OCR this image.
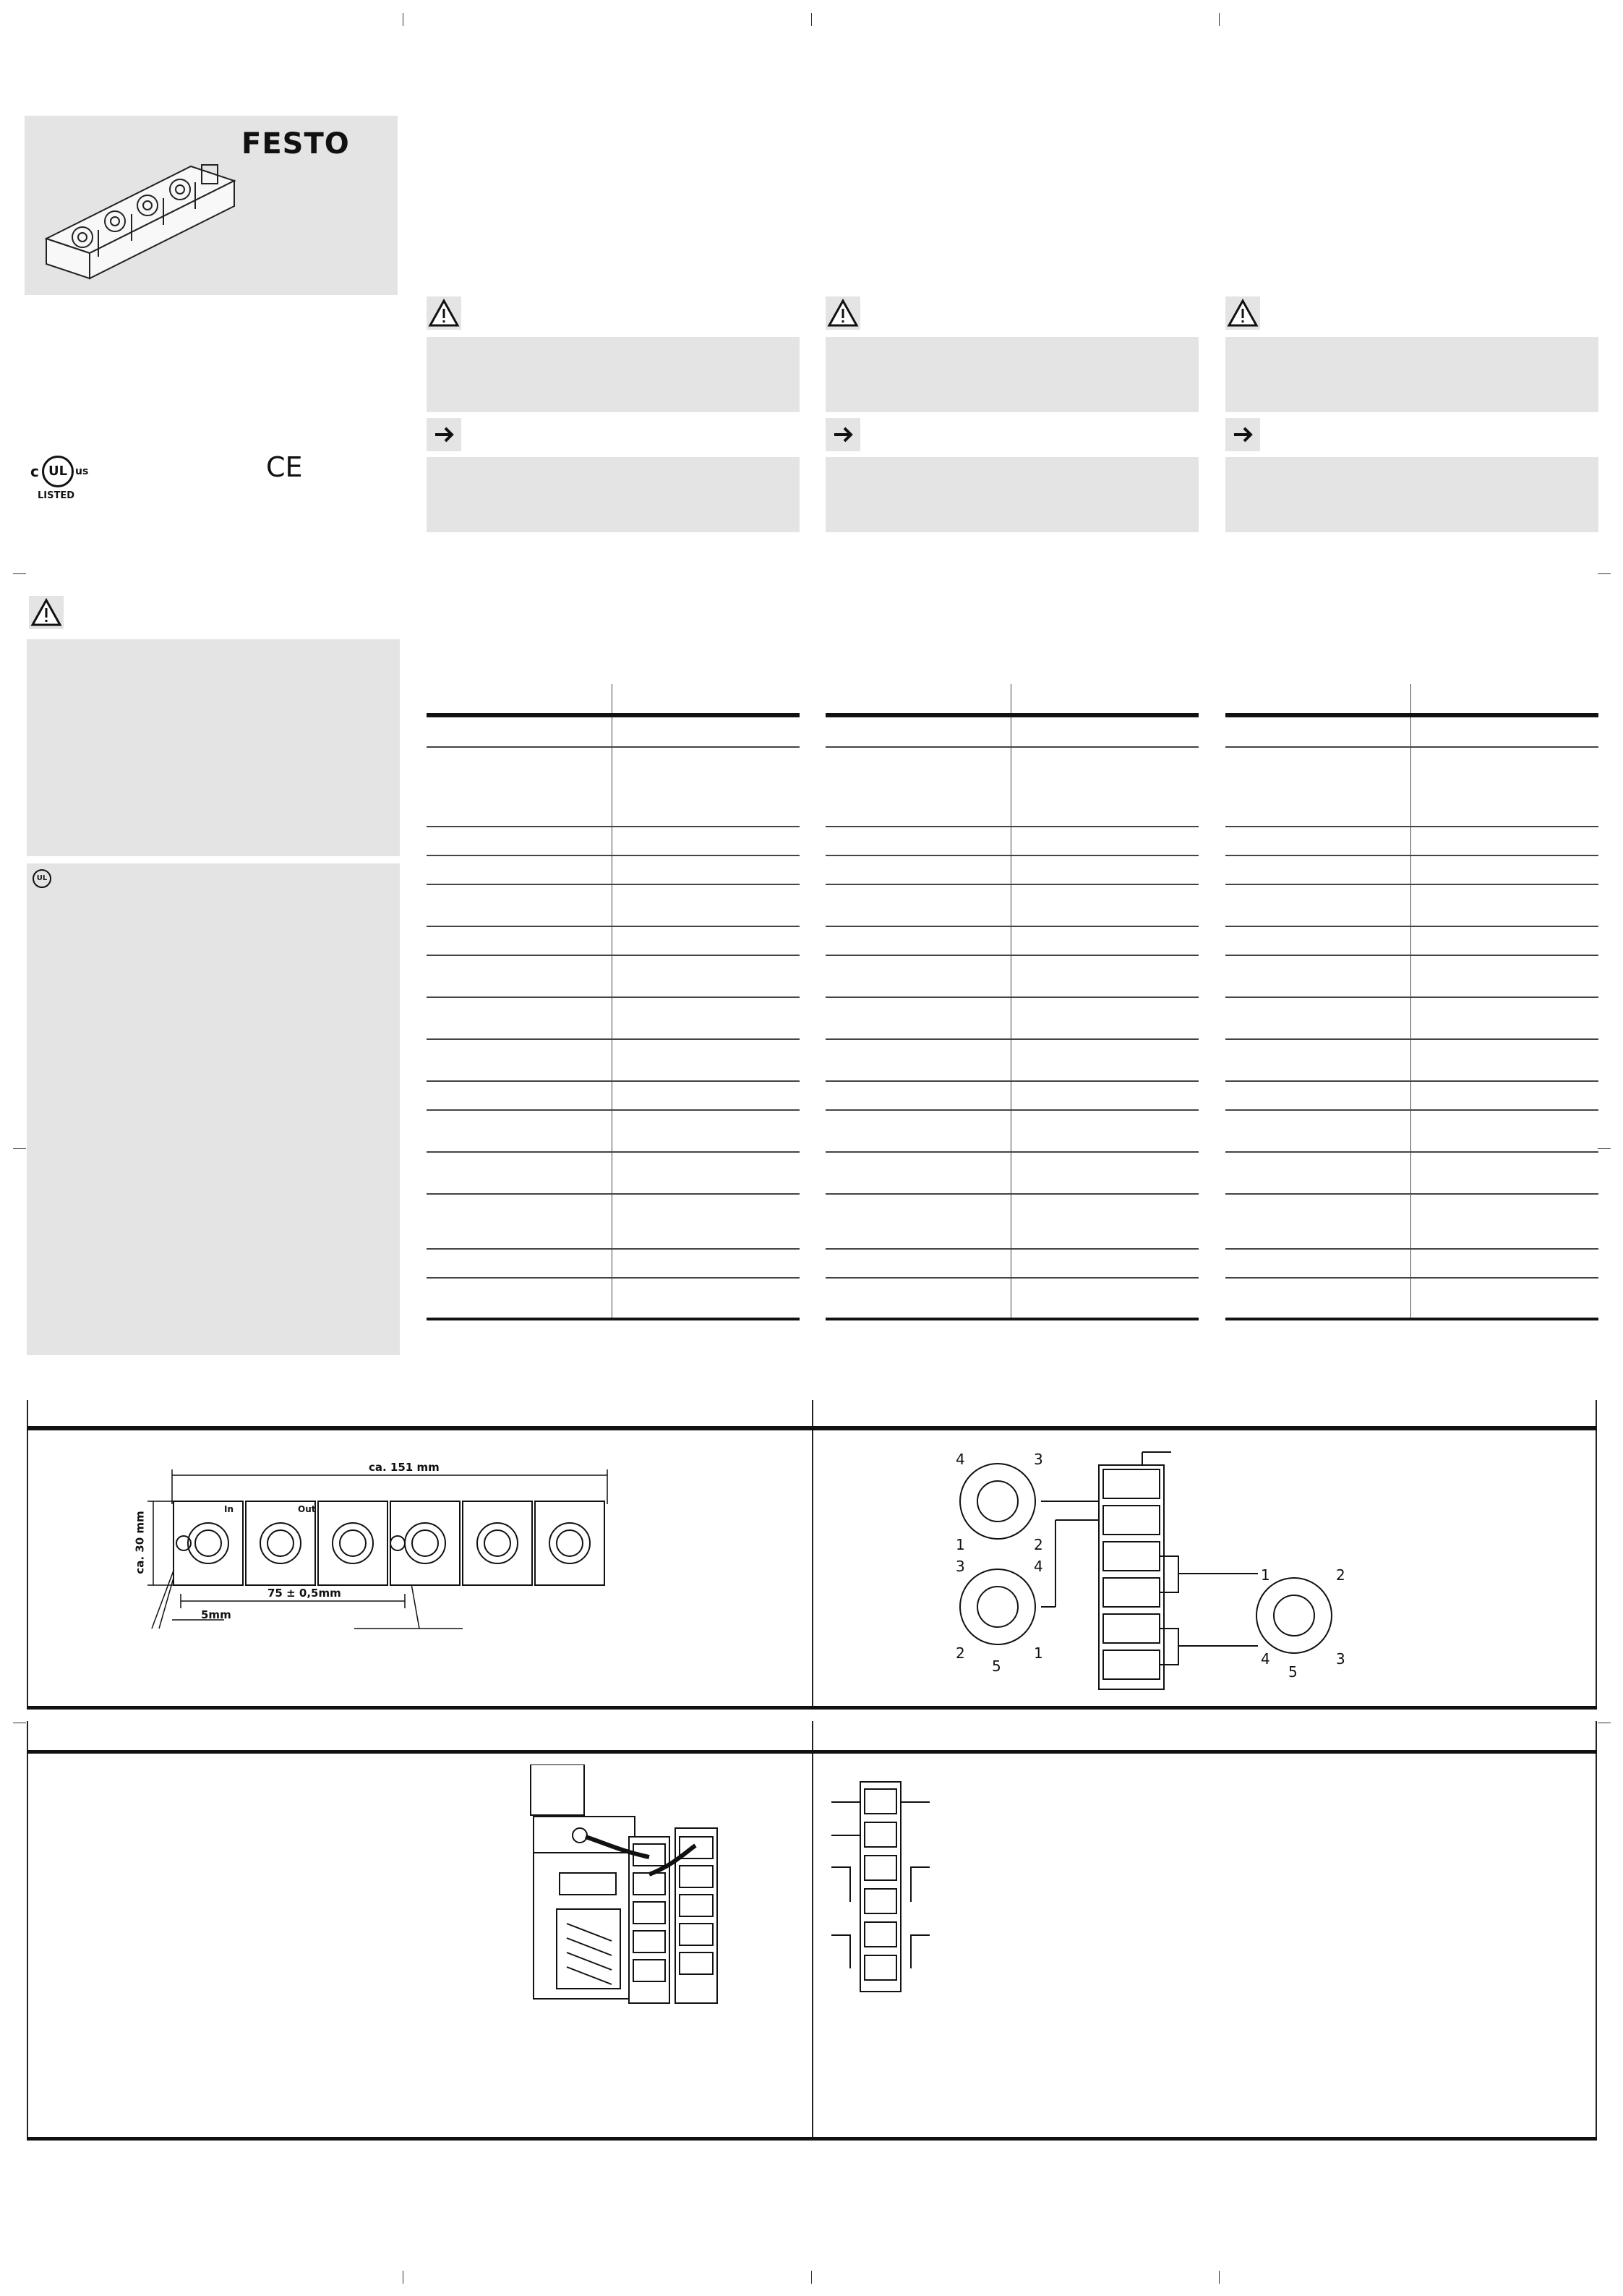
FESTO
c UL us
LISTED
CE
UL
ca. 151 mm
ca. 30 mm
75 ± 0,5mm
5mm
In	Out
4	3
1	2
3	4
2
5
1
1	2
4
5
3
